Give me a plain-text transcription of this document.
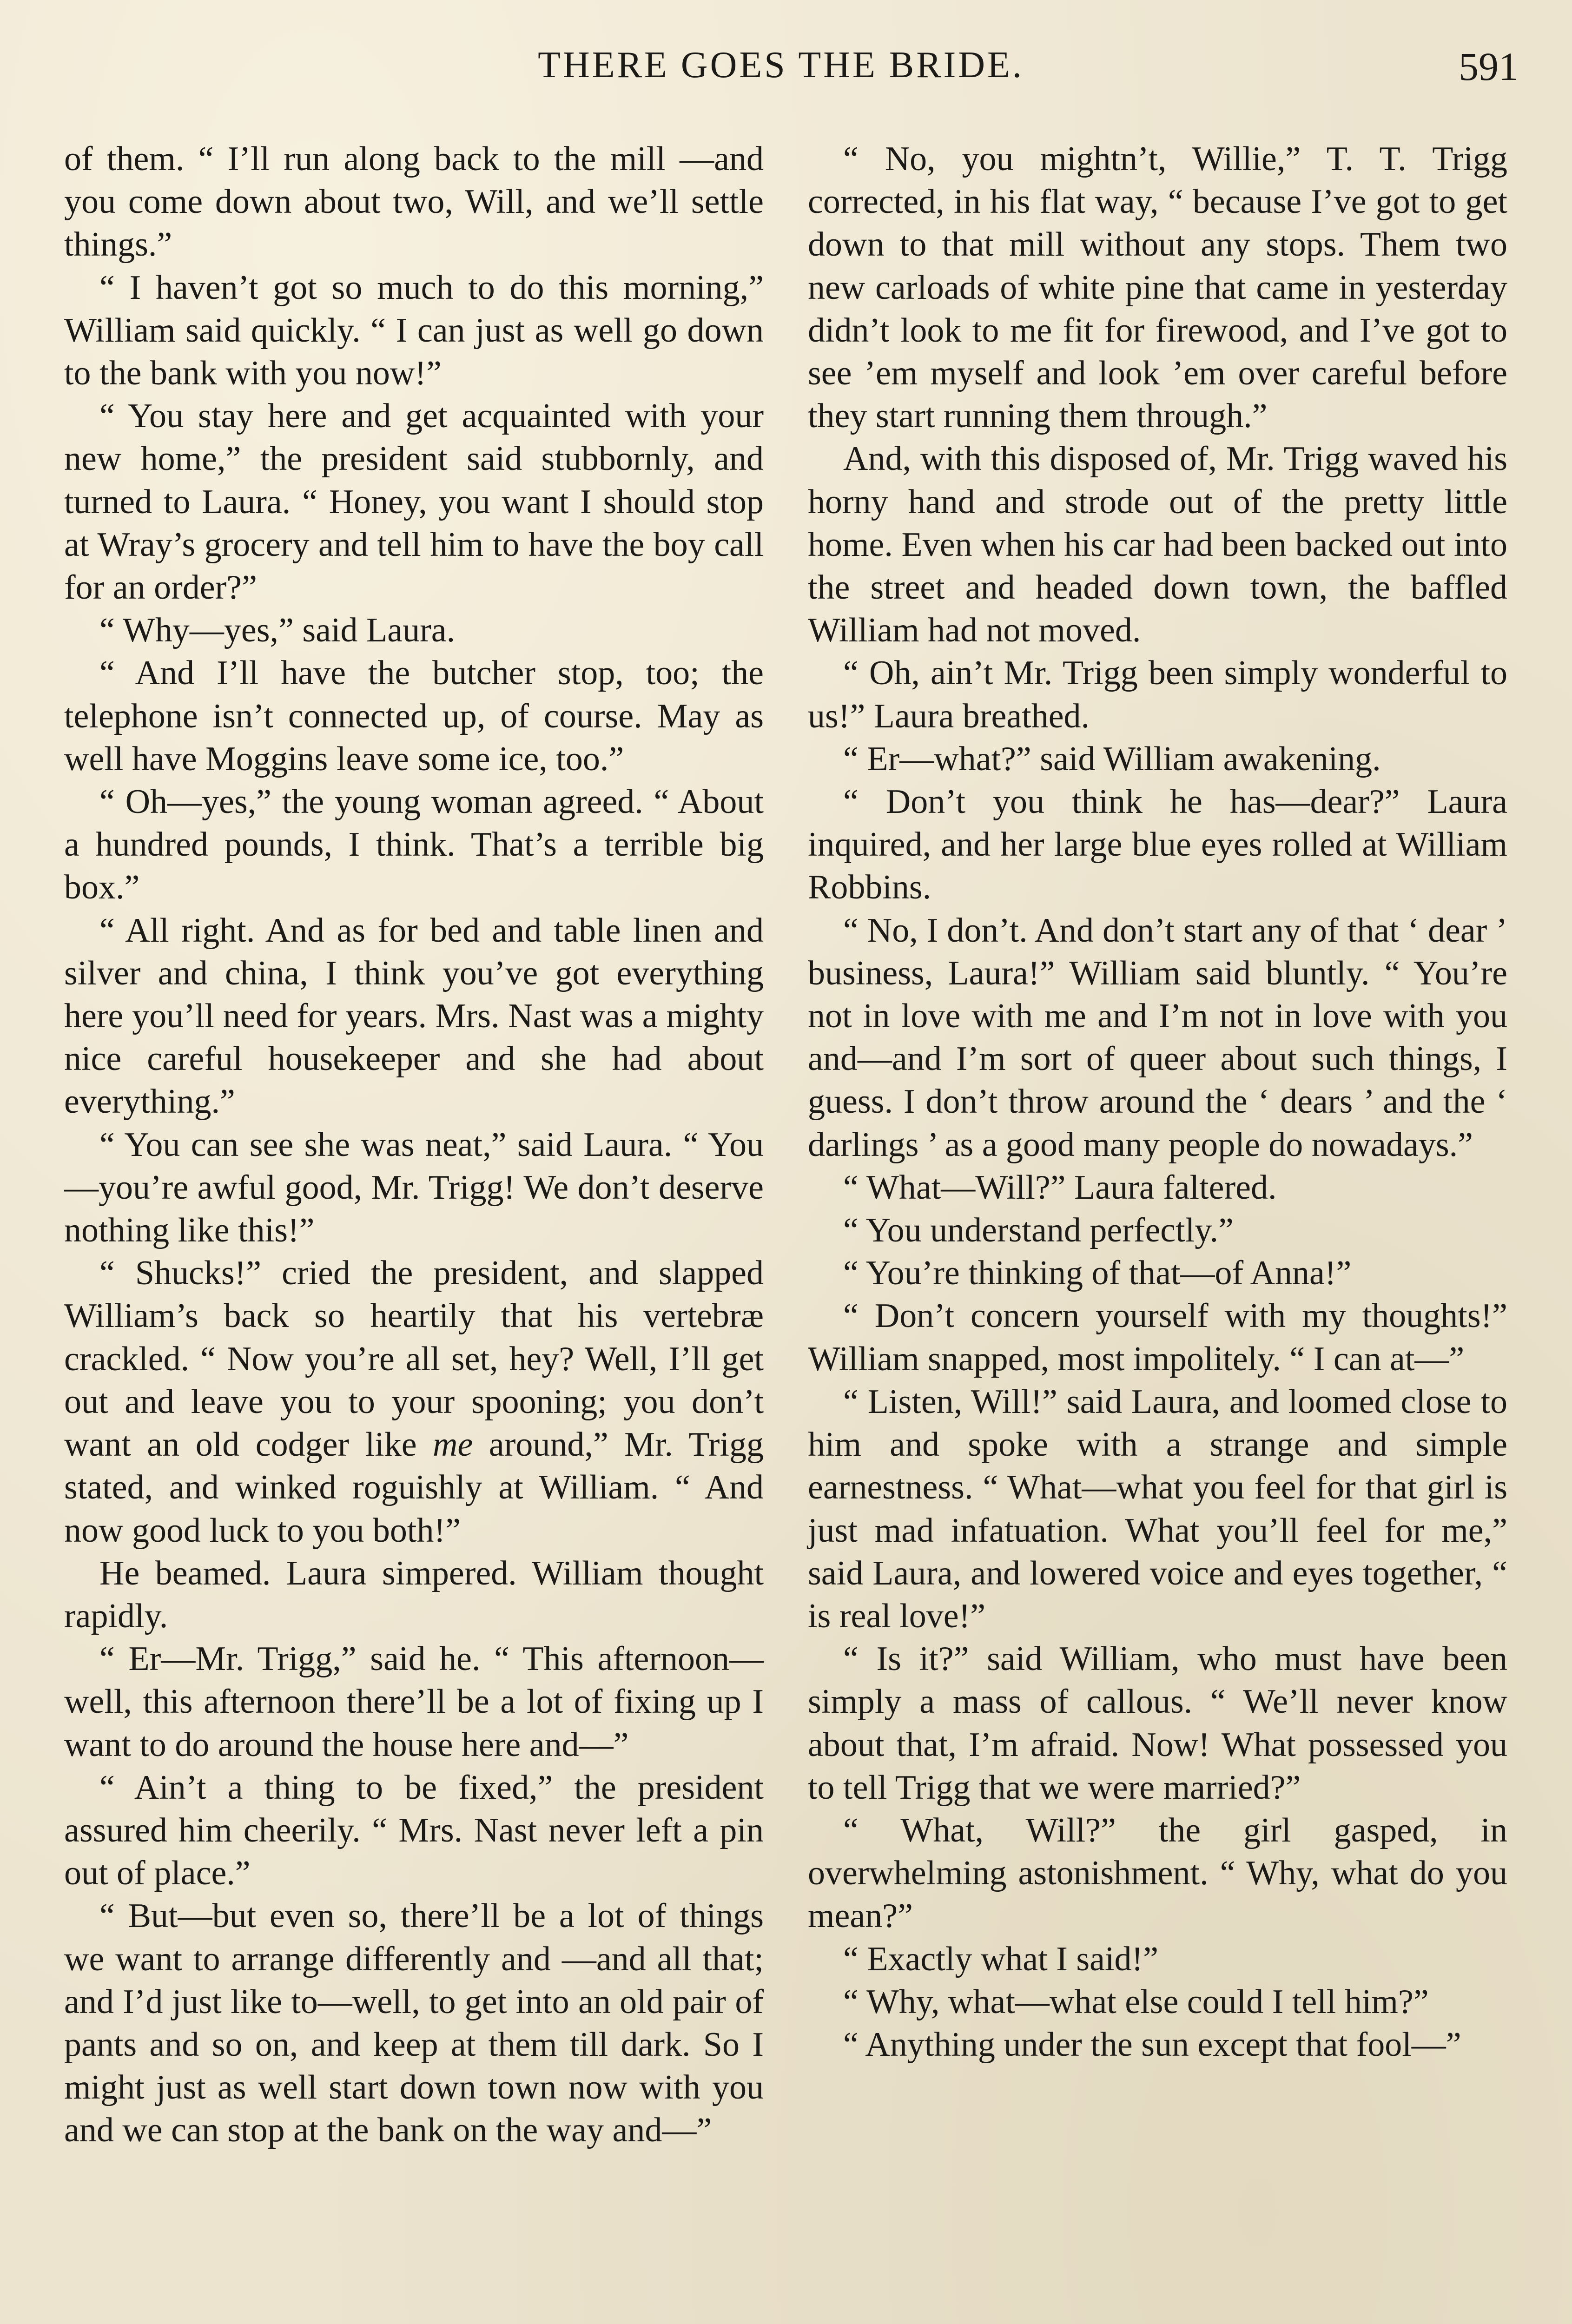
THERE GOES THE BRIDE.	591

of them. “ I’ll run along back to the mill —and you come down about two, Will, and we’ll settle things.”

“ I haven’t got so much to do this morning,” William said quickly. “ I can just as well go down to the bank with you now!”

“ You stay here and get acquainted with your new home,” the president said stubbornly, and turned to Laura. “ Honey, you want I should stop at Wray’s grocery and tell him to have the boy call for an order?”

“ Why—yes,” said Laura.

“ And I’ll have the butcher stop, too; the telephone isn’t connected up, of course. May as well have Moggins leave some ice, too.”

“ Oh—yes,” the young woman agreed. “ About a hundred pounds, I think. That’s a terrible big box.”

“ All right. And as for bed and table linen and silver and china, I think you’ve got everything here you’ll need for years. Mrs. Nast was a mighty nice careful housekeeper and she had about everything.”

“ You can see she was neat,” said Laura. “ You—you’re awful good, Mr. Trigg! We don’t deserve nothing like this!”

“ Shucks!” cried the president, and slapped William’s back so heartily that his vertebræ crackled. “ Now you’re all set, hey? Well, I’ll get out and leave you to your spooning; you don’t want an old codger like me around,” Mr. Trigg stated, and winked roguishly at William. “ And now good luck to you both!”

He beamed. Laura simpered. William thought rapidly.

“ Er—Mr. Trigg,” said he. “ This afternoon—well, this afternoon there’ll be a lot of fixing up I want to do around the house here and—”

“ Ain’t a thing to be fixed,” the president assured him cheerily. “ Mrs. Nast never left a pin out of place.”

“ But—but even so, there’ll be a lot of things we want to arrange differently and —and all that; and I’d just like to—well, to get into an old pair of pants and so on, and keep at them till dark. So I might just as well start down town now with you and we can stop at the bank on the way and—”

“ No, you mightn’t, Willie,” T. T. Trigg corrected, in his flat way, “ because I’ve got to get down to that mill without any stops. Them two new carloads of white pine that came in yesterday didn’t look to me fit for firewood, and I’ve got to see ’em myself and look ’em over careful before they start running them through.”

And, with this disposed of, Mr. Trigg waved his horny hand and strode out of the pretty little home. Even when his car had been backed out into the street and headed down town, the baffled William had not moved.

“ Oh, ain’t Mr. Trigg been simply wonderful to us!” Laura breathed.

“ Er—what?” said William awakening.

“ Don’t you think he has—dear?” Laura inquired, and her large blue eyes rolled at William Robbins.

“ No, I don’t. And don’t start any of that ‘ dear ’ business, Laura!” William said bluntly. “ You’re not in love with me and I’m not in love with you and—and I’m sort of queer about such things, I guess. I don’t throw around the ‘ dears ’ and the ‘ darlings ’ as a good many people do nowadays.”

“ What—Will?” Laura faltered.

“ You understand perfectly.”

“ You’re thinking of that—of Anna!”

“ Don’t concern yourself with my thoughts!” William snapped, most impolitely. “ I can at—”

“ Listen, Will!” said Laura, and loomed close to him and spoke with a strange and simple earnestness. “ What—what you feel for that girl is just mad infatuation. What you’ll feel for me,” said Laura, and lowered voice and eyes together, “ is real love!”

“ Is it?” said William, who must have been simply a mass of callous. “ We’ll never know about that, I’m afraid. Now! What possessed you to tell Trigg that we were married?”

“ What, Will?” the girl gasped, in overwhelming astonishment. “ Why, what do you mean?”

“ Exactly what I said!”

“ Why, what—what else could I tell him?”

“ Anything under the sun except that fool—”
